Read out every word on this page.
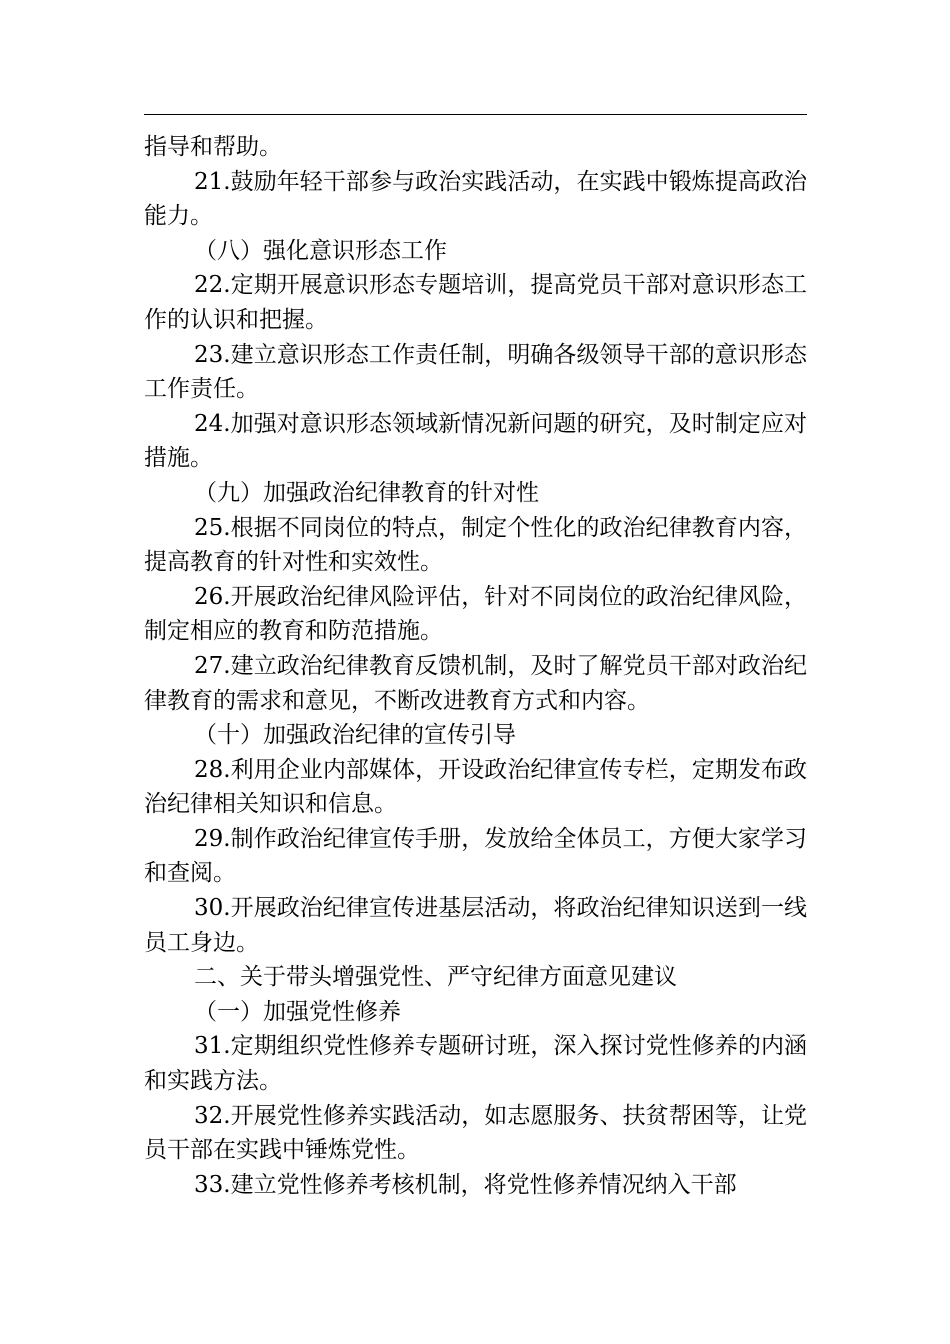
指导和帮助。

21.鼓励年轻干部参与政治实践活动，在实践中锻炼提高政治能力。

（八）强化意识形态工作

22.定期开展意识形态专题培训，提高党员干部对意识形态工作的认识和把握。

23.建立意识形态工作责任制，明确各级领导干部的意识形态工作责任。

24.加强对意识形态领域新情况新问题的研究，及时制定应对措施。

（九）加强政治纪律教育的针对性

25.根据不同岗位的特点，制定个性化的政治纪律教育内容，提高教育的针对性和实效性。

26.开展政治纪律风险评估，针对不同岗位的政治纪律风险，制定相应的教育和防范措施。

27.建立政治纪律教育反馈机制，及时了解党员干部对政治纪律教育的需求和意见，不断改进教育方式和内容。

（十）加强政治纪律的宣传引导

28.利用企业内部媒体，开设政治纪律宣传专栏，定期发布政治纪律相关知识和信息。

29.制作政治纪律宣传手册，发放给全体员工，方便大家学习和查阅。

30.开展政治纪律宣传进基层活动，将政治纪律知识送到一线员工身边。

二、关于带头增强党性、严守纪律方面意见建议

（一）加强党性修养

31.定期组织党性修养专题研讨班，深入探讨党性修养的内涵和实践方法。

32.开展党性修养实践活动，如志愿服务、扶贫帮困等，让党员干部在实践中锤炼党性。

33.建立党性修养考核机制，将党性修养情况纳入干部
